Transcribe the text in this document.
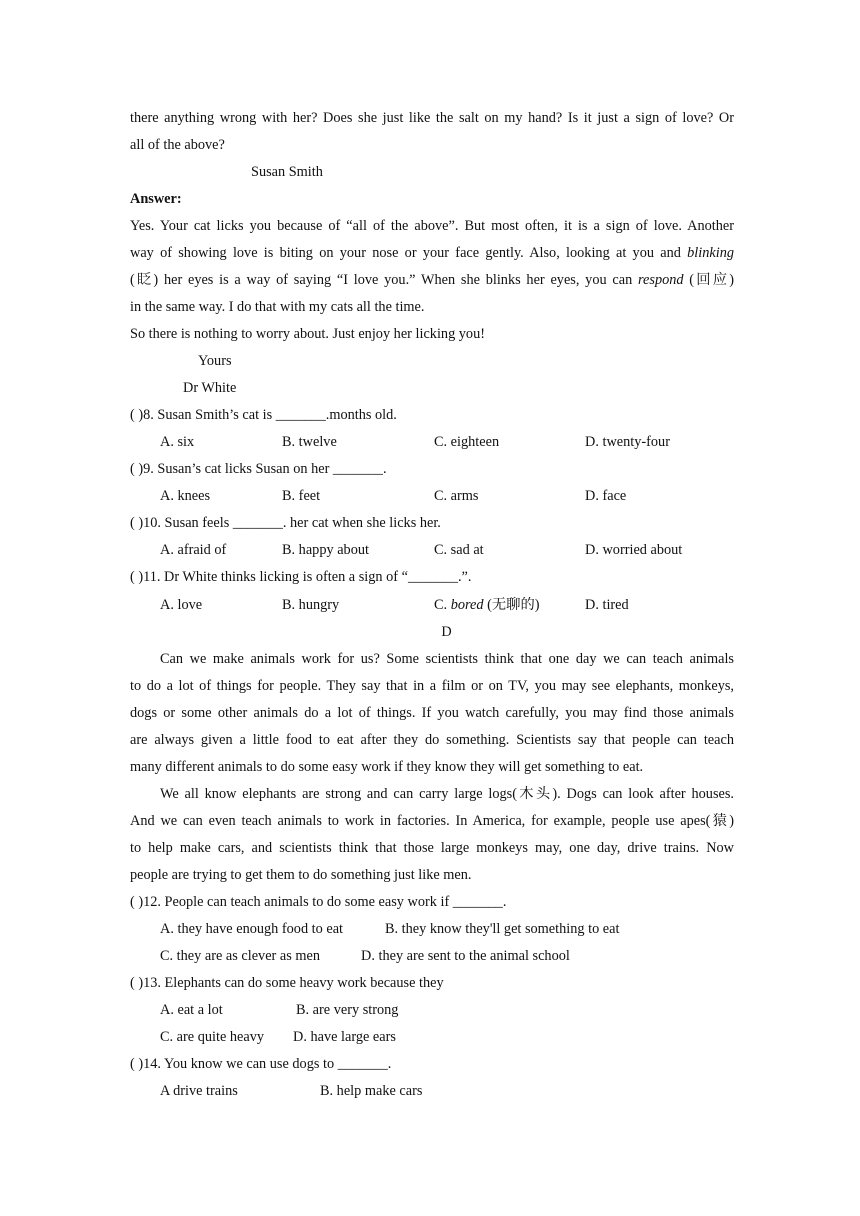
there anything wrong with her? Does she just like the salt on my hand? Is it just a sign of love? Or
all of the above?
Susan Smith
Answer:
Yes. Your cat licks you because of “all of the above”. But most often, it is a sign of love. Another
way of showing love is biting on your nose or your face gently. Also, looking at you and blinking
(眨) her eyes is a way of saying “I love you.” When she blinks her eyes, you can respond (回应)
in the same way. I do that with my cats all the time.
So there is nothing to worry about. Just enjoy her licking you!
Yours
Dr White
( )8. Susan Smith’s cat is _______.months old.
A. six	B. twelve	C. eighteen	D. twenty-four
( )9. Susan’s cat licks Susan on her _______.
A. knees	B. feet	C. arms	D. face
( )10. Susan feels _______. her cat when she licks her.
A. afraid of	B. happy about	C. sad at	D. worried about
( )11. Dr White thinks licking is often a sign of “_______.”.
A. love	B. hungry	C. bored (无聊的)	D. tired
D
Can we make animals work for us? Some scientists think that one day we can teach animals
to do a lot of things for people. They say that in a film or on TV, you may see elephants, monkeys,
dogs or some other animals do a lot of things. If you watch carefully, you may find those animals
are always given a little food to eat after they do something. Scientists say that people can teach
many different animals to do some easy work if they know they will get something to eat.
We all know elephants are strong and can carry large logs(木头). Dogs can look after houses.
And we can even teach animals to work in factories. In America, for example, people use apes(猿)
to help make cars, and scientists think that those large monkeys may, one day, drive trains. Now
people are trying to get them to do something just like men.
( )12. People can teach animals to do some easy work if _______.
A. they have enough food to eat	B. they know they'll get something to eat
C. they are as clever as men	D. they are sent to the animal school
( )13. Elephants can do some heavy work because they
A. eat a lot	B. are very strong
C. are quite heavy D. have large ears
( )14. You know we can use dogs to _______.
A drive trains	B. help make cars
